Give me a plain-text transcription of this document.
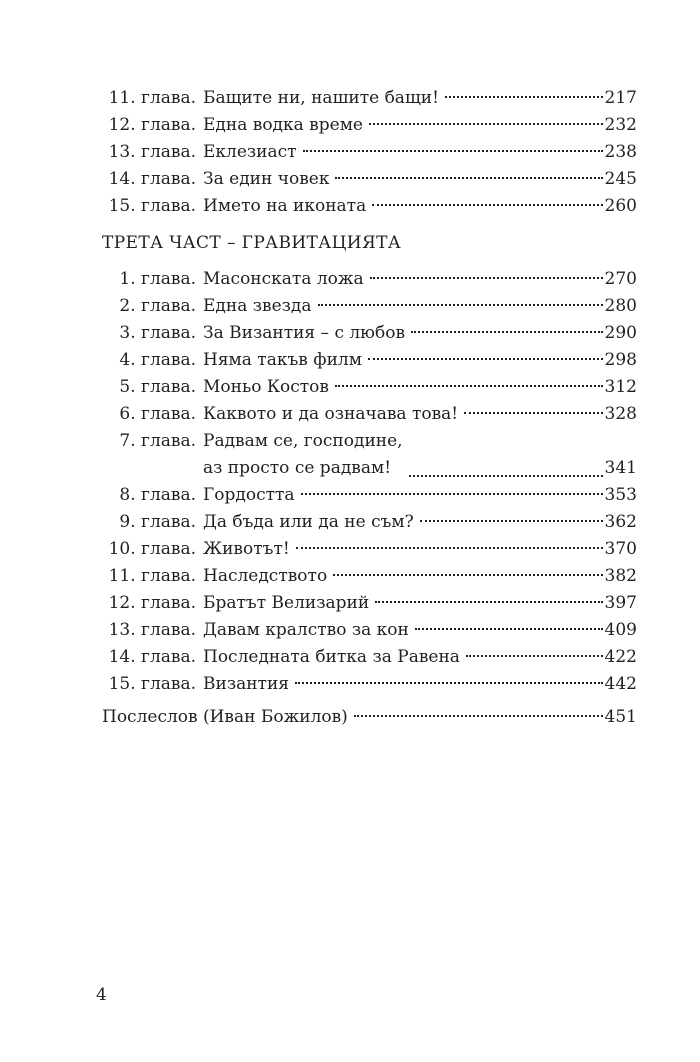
11. глава. Бащите ни, нашите бащи!	217
12. глава. Една водка време	232
13. глава. Еклезиаст	238
14. глава. За един човек	245
15. глава. Името на иконата	260
ТРЕТА ЧАСТ – ГРАВИТАЦИЯТА
1. глава. Масонската ложа	270
2. глава. Една звезда	280
3. глава. За Византия – с любов	290
4. глава. Няма такъв филм	298
5. глава. Моньо Костов	312
6. глава. Каквото и да означава това!	328
7. глава. Радвам се, господине,
аз просто се радвам!	341
8. глава. Гордостта	353
9. глава. Да бъда или да не съм?	362
10. глава. Животът!	370
11. глава. Наследството	382
12. глава. Братът Велизарий	397
13. глава. Давам кралство за кон	409
14. глава. Последната битка за Равена	422
15. глава. Византия	442
Послеслов (Иван Божилов)	451
4
